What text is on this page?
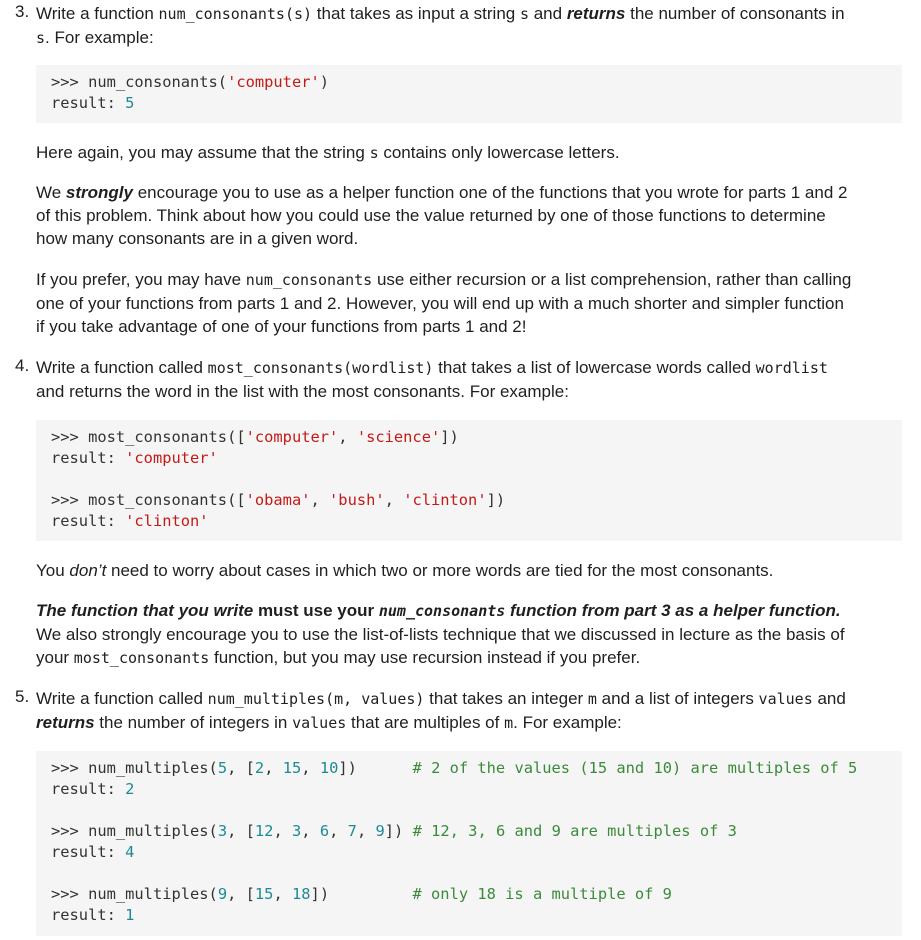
3. Write a function num_consonants(s) that takes as input a string s and returns the number of consonants in
s. For example:

>>> num_consonants('computer')

result: 5

Here again, you may assume that the string s contains only lowercase letters.
We strongly encourage you to use as a helper function one of the functions that you wrote for parts 1 and 2
of this problem. Think about how you could use the value returned by one of those functions to determine
how many consonants are in a given word.
If you prefer, you may have num_consonants use either recursion or a list comprehension, rather than calling
one of your functions from parts 1 and 2. However, you will end up with a much shorter and simpler function
if you take advantage of one of your functions from parts 1 and 2!
4. Write a function called most_consonants(wordlist) that takes a list of lowercase words called wordlist
and returns the word in the list with the most consonants. For example:

>>> most_consonants(['computer', 'science'])

result: 'computer'

>>> most_consonants(['obama', 'bush', 'clinton'])

result: 'clinton'

You don’t need to worry about cases in which two or more words are tied for the most consonants.
The function that you write must use your num_consonants function from part 3 as a helper function.
We also strongly encourage you to use the list-of-lists technique that we discussed in lecture as the basis of
your most_consonants function, but you may use recursion instead if you prefer.
5. Write a function called num_multiples(m, values) that takes an integer m and a list of integers values and
returns the number of integers in values that are multiples of m. For example:

>>> num_multiples(5, [2, 15, 10])	# 2 of the values (15 and 10) are multiples of 5

result: 2

>>> num_multiples(3, [12, 3, 6, 7, 9]) # 12, 3, 6 and 9 are multiples of 3

result: 4

>>> num_multiples(9, [15, 18])	# only 18 is a multiple of 9

result: 1
